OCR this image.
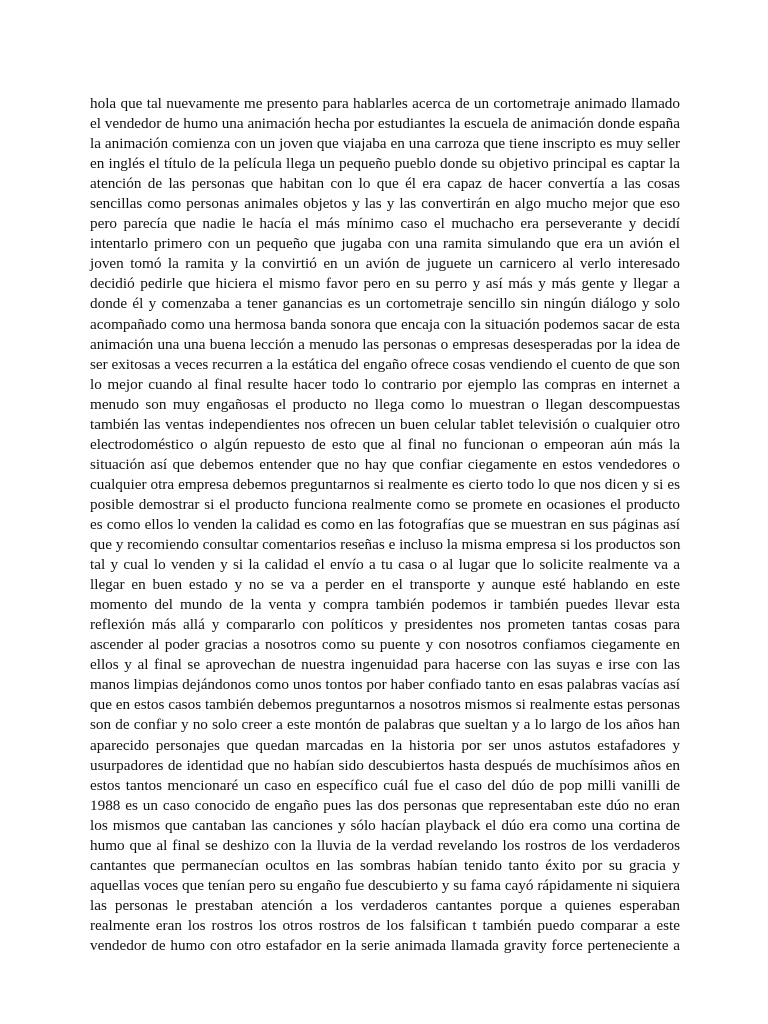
hola que tal nuevamente me presento para hablarles acerca de un cortometraje animado llamado
el vendedor de humo una animación hecha por estudiantes la escuela de animación donde españa
la animación comienza con un joven que viajaba en una carroza que tiene inscripto es muy seller
en inglés el título de la película llega un pequeño pueblo donde su objetivo principal es captar la
atención de las personas que habitan con lo que él era capaz de hacer convertía a las cosas
sencillas como personas animales objetos y las y las convertirán en algo mucho mejor que eso
pero parecía que nadie le hacía el más mínimo caso el muchacho era perseverante y decidí
intentarlo primero con un pequeño que jugaba con una ramita simulando que era un avión el
joven tomó la ramita y la convirtió en un avión de juguete un carnicero al verlo interesado
decidió pedirle que hiciera el mismo favor pero en su perro y así más y más gente y llegar a
donde él y comenzaba a tener ganancias es un cortometraje sencillo sin ningún diálogo y solo
acompañado como una hermosa banda sonora que encaja con la situación podemos sacar de esta
animación una una buena lección a menudo las personas o empresas desesperadas por la idea de
ser exitosas a veces recurren a la estática del engaño ofrece cosas vendiendo el cuento de que son
lo mejor cuando al final resulte hacer todo lo contrario por ejemplo las compras en internet a
menudo son muy engañosas el producto no llega como lo muestran o llegan descompuestas
también las ventas independientes nos ofrecen un buen celular tablet televisión o cualquier otro
electrodoméstico o algún repuesto de esto que al final no funcionan o empeoran aún más la
situación así que debemos entender que no hay que confiar ciegamente en estos vendedores o
cualquier otra empresa debemos preguntarnos si realmente es cierto todo lo que nos dicen y si es
posible demostrar si el producto funciona realmente como se promete en ocasiones el producto
es como ellos lo venden la calidad es como en las fotografías que se muestran en sus páginas así
que y recomiendo consultar comentarios reseñas e incluso la misma empresa si los productos son
tal y cual lo venden y si la calidad el envío a tu casa o al lugar que lo solicite realmente va a
llegar en buen estado y no se va a perder en el transporte y aunque esté hablando en este
momento del mundo de la venta y compra también podemos ir también puedes llevar esta
reflexión más allá y compararlo con políticos y presidentes nos prometen tantas cosas para
ascender al poder gracias a nosotros como su puente y con nosotros confiamos ciegamente en
ellos y al final se aprovechan de nuestra ingenuidad para hacerse con las suyas e irse con las
manos limpias dejándonos como unos tontos por haber confiado tanto en esas palabras vacías así
que en estos casos también debemos preguntarnos a nosotros mismos si realmente estas personas
son de confiar y no solo creer a este montón de palabras que sueltan y a lo largo de los años han
aparecido personajes que quedan marcadas en la historia por ser unos astutos estafadores y
usurpadores de identidad que no habían sido descubiertos hasta después de muchísimos años en
estos tantos mencionaré un caso en específico cuál fue el caso del dúo de pop milli vanilli de
1988 es un caso conocido de engaño pues las dos personas que representaban este dúo no eran
los mismos que cantaban las canciones y sólo hacían playback el dúo era como una cortina de
humo que al final se deshizo con la lluvia de la verdad revelando los rostros de los verdaderos
cantantes que permanecían ocultos en las sombras habían tenido tanto éxito por su gracia y
aquellas voces que tenían pero su engaño fue descubierto y su fama cayó rápidamente ni siquiera
las personas le prestaban atención a los verdaderos cantantes porque a quienes esperaban
realmente eran los rostros los otros rostros de los falsifican t también puedo comparar a este
vendedor de humo con otro estafador en la serie animada llamada gravity force perteneciente a
